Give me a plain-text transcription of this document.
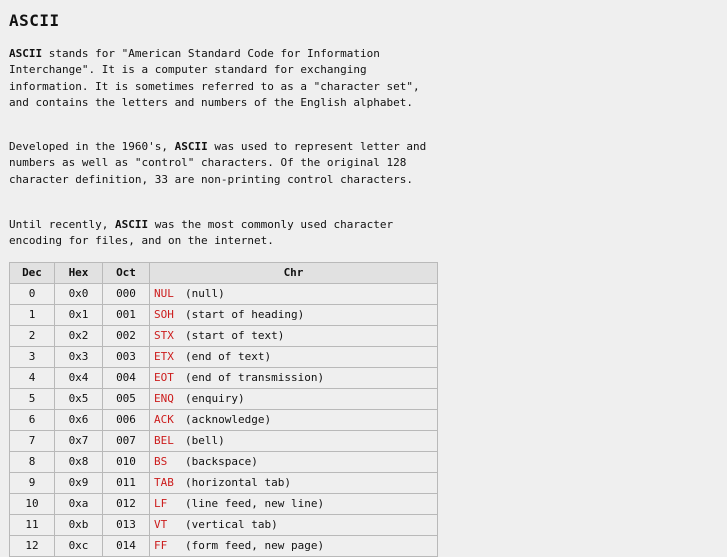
ASCII

ASCII stands for "American Standard Code for Information Interchange". It is a computer standard for exchanging information. It is sometimes referred to as a "character set", and contains the letters and numbers of the English alphabet.

Developed in the 1960's, ASCII was used to represent letter and numbers as well as "control" characters. Of the original 128 character definition, 33 are non-printing control characters.

Until recently, ASCII was the most commonly used character encoding for files, and on the internet.

Dec	Hex	Oct	Chr
0	0x0	000	NUL (null)
1	0x1	001	SOH (start of heading)
2	0x2	002	STX (start of text)
3	0x3	003	ETX (end of text)
4	0x4	004	EOT (end of transmission)
5	0x5	005	ENQ (enquiry)
6	0x6	006	ACK (acknowledge)
7	0x7	007	BEL (bell)
8	0x8	010	BS (backspace)
9	0x9	011	TAB (horizontal tab)
10	0xa	012	LF (line feed, new line)
11	0xb	013	VT (vertical tab)
12	0xc	014	FF (form feed, new page)
